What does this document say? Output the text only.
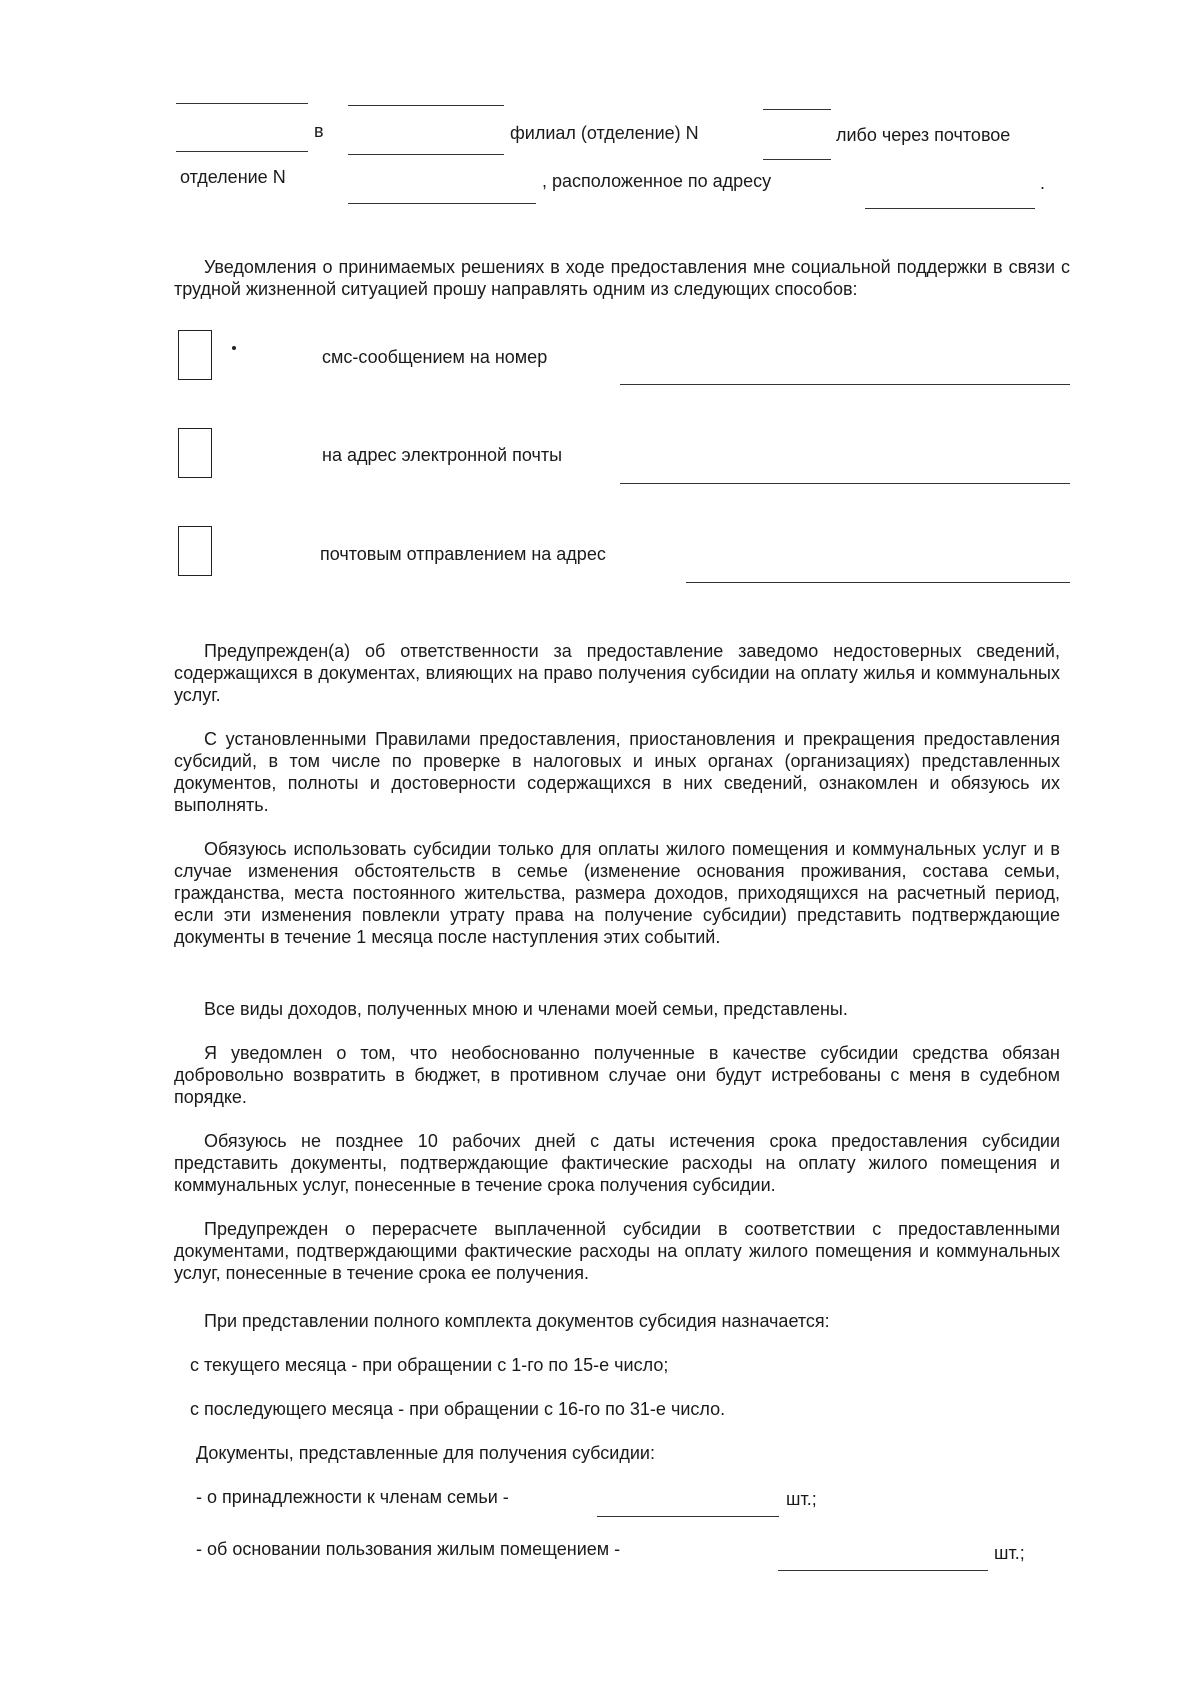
в	филиал (отделение) N	либо через почтовое
отделение N	, расположенное по адресу	.
Уведомления о принимаемых решениях в ходе предоставления мне социальной поддержки в связи с трудной жизненной ситуацией прошу направлять одним из следующих способов:
смс-сообщением на номер
на адрес электронной почты
почтовым отправлением на адрес
Предупрежден(а) об ответственности за предоставление заведомо недостоверных сведений, содержащихся в документах, влияющих на право получения субсидии на оплату жилья и коммунальных услуг.
С установленными Правилами предоставления, приостановления и прекращения предоставления субсидий, в том числе по проверке в налоговых и иных органах (организациях) представленных документов, полноты и достоверности содержащихся в них сведений, ознакомлен и обязуюсь их выполнять.
Обязуюсь использовать субсидии только для оплаты жилого помещения и коммунальных услуг и в случае изменения обстоятельств в семье (изменение основания проживания, состава семьи, гражданства, места постоянного жительства, размера доходов, приходящихся на расчетный период, если эти изменения повлекли утрату права на получение субсидии) представить подтверждающие документы в течение 1 месяца после наступления этих событий.
Все виды доходов, полученных мною и членами моей семьи, представлены.
Я уведомлен о том, что необоснованно полученные в качестве субсидии средства обязан добровольно возвратить в бюджет, в противном случае они будут истребованы с меня в судебном порядке.
Обязуюсь не позднее 10 рабочих дней с даты истечения срока предоставления субсидии представить документы, подтверждающие фактические расходы на оплату жилого помещения и коммунальных услуг, понесенные в течение срока получения субсидии.
Предупрежден о перерасчете выплаченной субсидии в соответствии с предоставленными документами, подтверждающими фактические расходы на оплату жилого помещения и коммунальных услуг, понесенные в течение срока ее получения.
При представлении полного комплекта документов субсидия назначается:
с текущего месяца - при обращении с 1-го по 15-е число;
с последующего месяца - при обращении с 16-го по 31-е число.
Документы, представленные для получения субсидии:
- о принадлежности к членам семьи -	шт.;
- об основании пользования жилым помещением -	шт.;
